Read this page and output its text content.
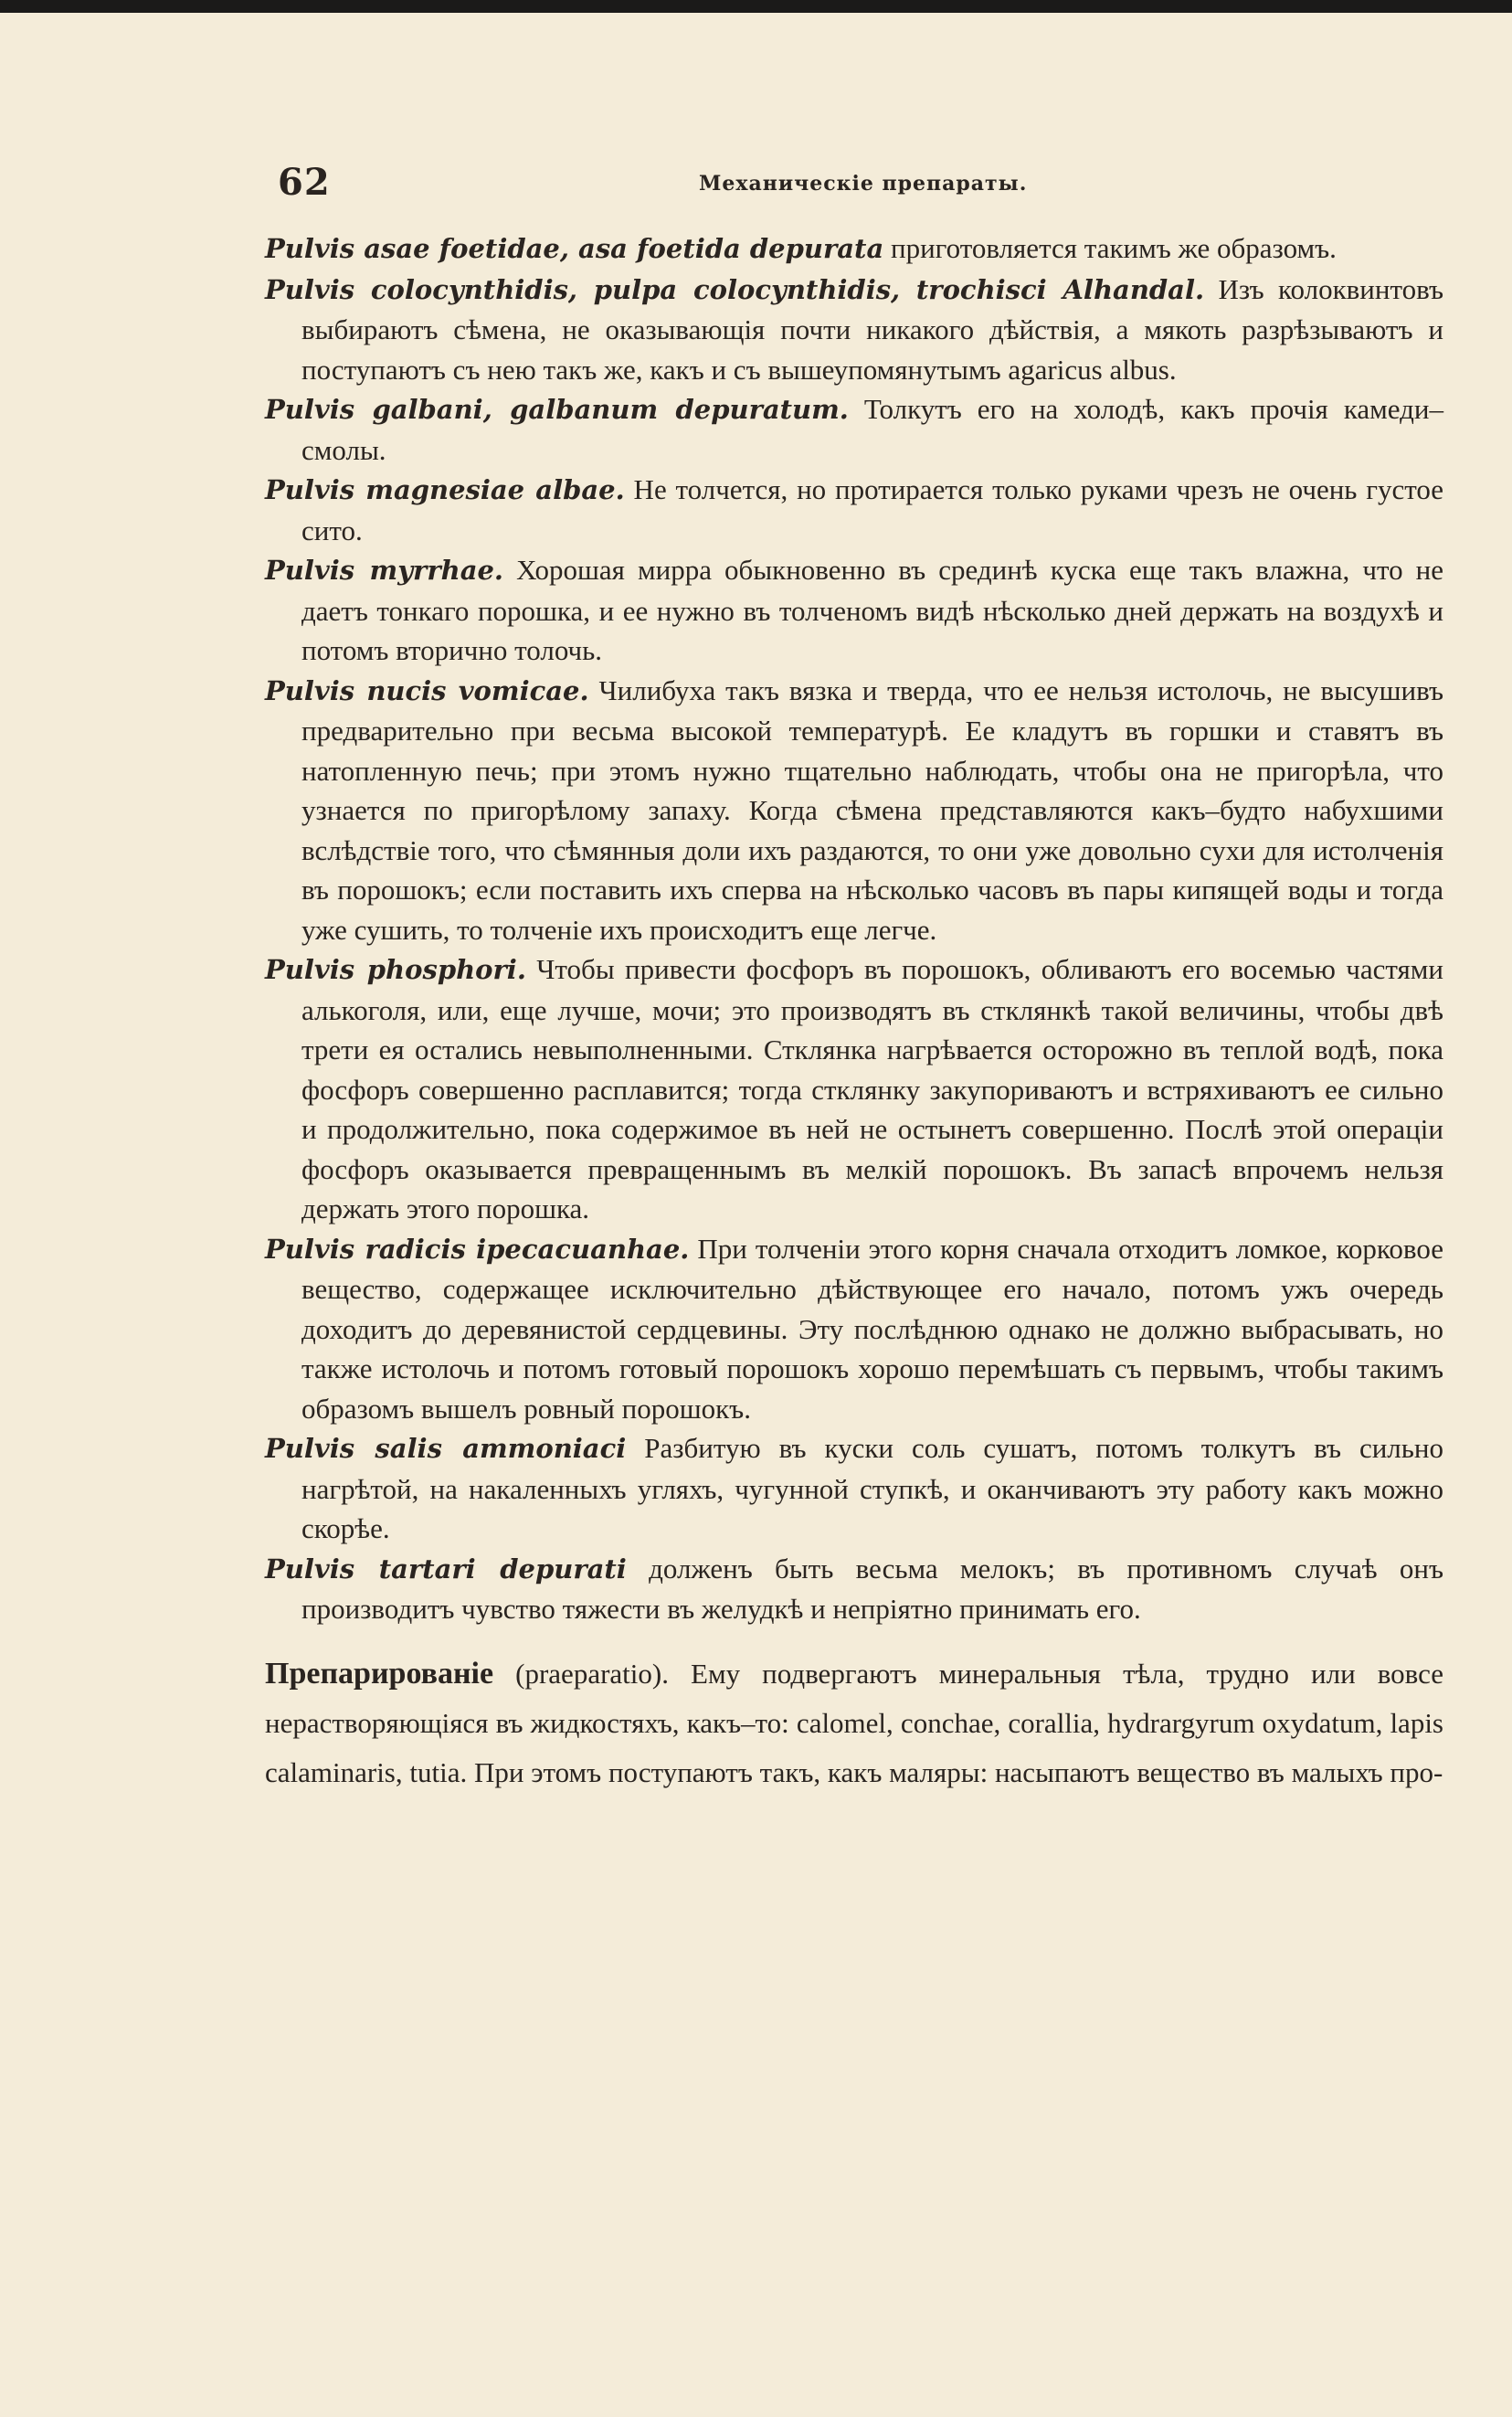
62	Механическіе препараты.

Pulvis asae foetidae, asa foetida depurata приготовляется такимъ же образомъ.

Pulvis colocynthidis, pulpa colocynthidis, trochisci Alhandal. Изъ колоквинтовъ выбираютъ сѣмена, не оказывающія почти никакого дѣйствія, а мякоть разрѣзываютъ и поступаютъ съ нею такъ же, какъ и съ вышеупомянутымъ agaricus albus.

Pulvis galbani, galbanum depuratum. Толкутъ его на холодѣ, какъ прочія камеди–смолы.

Pulvis magnesiae albae. Не толчется, но протирается только руками чрезъ не очень густое сито.

Pulvis myrrhae. Хорошая мирра обыкновенно въ срединѣ куска еще такъ влажна, что не даетъ тонкаго порошка, и ее нужно въ толченомъ видѣ нѣсколько дней держать на воздухѣ и потомъ вторично толочь.

Pulvis nucis vomicae. Чилибуха такъ вязка и тверда, что ее нельзя истолочь, не высушивъ предварительно при весьма высокой температурѣ. Ее кладутъ въ горшки и ставятъ въ натопленную печь; при этомъ нужно тщательно наблюдать, чтобы она не пригорѣла, что узнается по пригорѣлому запаху. Когда сѣмена представляются какъ–будто набухшими вслѣдствіе того, что сѣмянныя доли ихъ раздаются, то они уже довольно сухи для истолченія въ порошокъ; если поставить ихъ сперва на нѣсколько часовъ въ пары кипящей воды и тогда уже сушить, то толченіе ихъ происходитъ еще легче.

Pulvis phosphori. Чтобы привести фосфоръ въ порошокъ, обливаютъ его восемью частями алькоголя, или, еще лучше, мочи; это производятъ въ стклянкѣ такой величины, чтобы двѣ трети ея остались невыполненными. Стклянка нагрѣвается осторожно въ теплой водѣ, пока фосфоръ совершенно расплавится; тогда стклянку закупориваютъ и встряхиваютъ ее сильно и продолжительно, пока содержимое въ ней не остынетъ совершенно. Послѣ этой операціи фосфоръ оказывается превращеннымъ въ мелкій порошокъ. Въ запасѣ впрочемъ нельзя держать этого порошка.

Pulvis radicis ipecacuanhae. При толченіи этого корня сначала отходитъ ломкое, корковое вещество, содержащее исключительно дѣйствующее его начало, потомъ ужъ очередь доходитъ до деревянистой сердцевины. Эту послѣднюю однако не должно выбрасывать, но также истолочь и потомъ готовый порошокъ хорошо перемѣшать съ первымъ, чтобы такимъ образомъ вышелъ ровный порошокъ.

Pulvis salis ammoniaci Разбитую въ куски соль сушатъ, потомъ толкутъ въ сильно нагрѣтой, на накаленныхъ угляхъ, чугунной ступкѣ, и оканчиваютъ эту работу какъ можно скорѣе.

Pulvis tartari depurati долженъ быть весьма мелокъ; въ противномъ случаѣ онъ производитъ чувство тяжести въ желудкѣ и непріятно принимать его.

Препарированіе (praeparatio). Ему подвергаютъ минеральныя тѣла, трудно или вовсе нерастворяющіяся въ жидкостяхъ, какъ–то: calomel, conchae, corallia, hydrargyrum oxydatum, lapis calaminaris, tutia. При этомъ поступаютъ такъ, какъ маляры: насыпаютъ вещество въ малыхъ про-
